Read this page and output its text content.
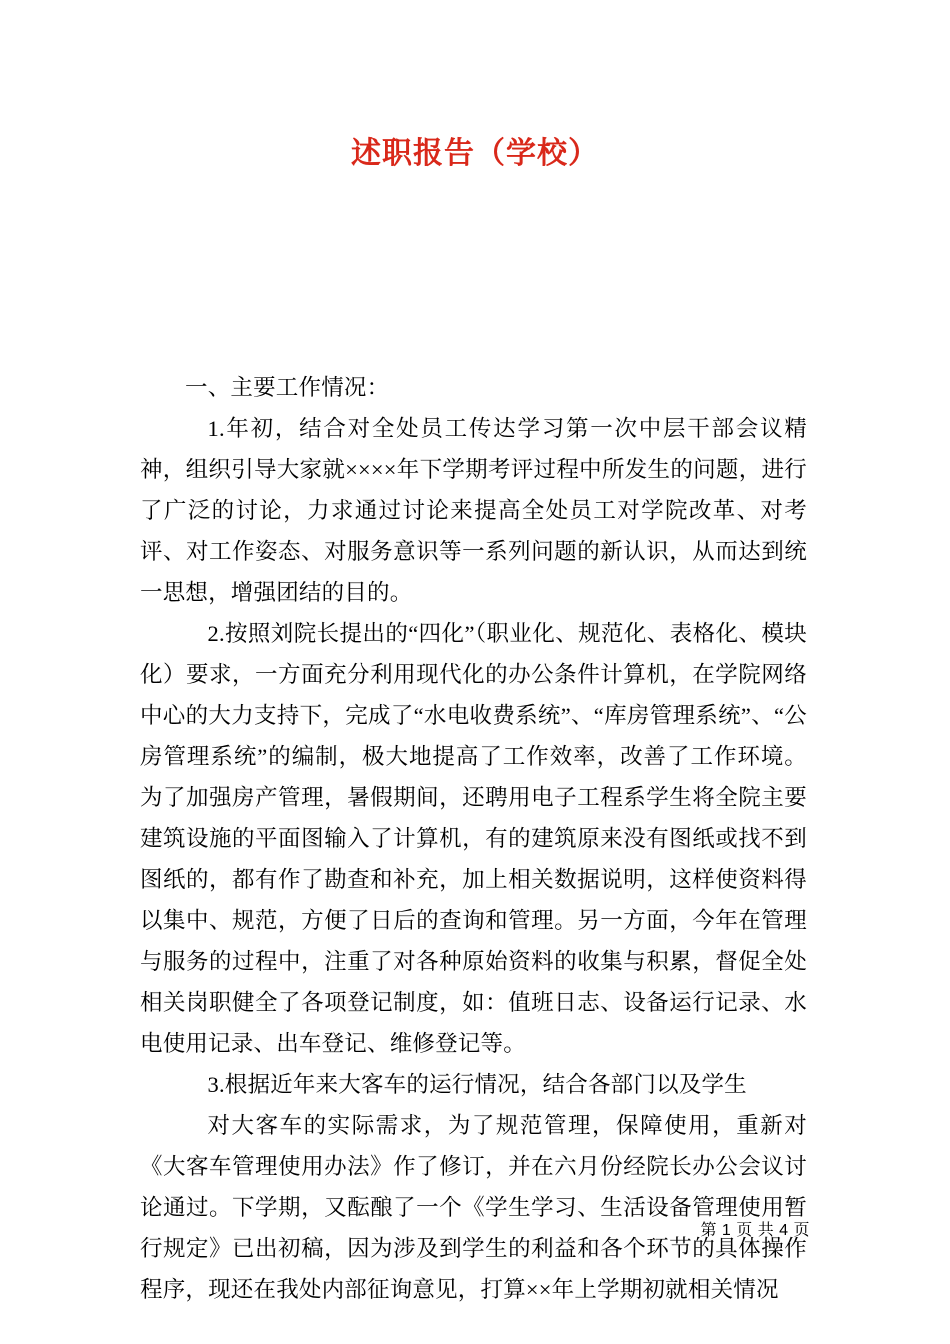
述职报告（学校）

一、主要工作情况：

1.年初，结合对全处员工传达学习第一次中层干部会议精神，组织引导大家就××××年下学期考评过程中所发生的问题，进行了广泛的讨论，力求通过讨论来提高全处员工对学院改革、对考评、对工作姿态、对服务意识等一系列问题的新认识，从而达到统一思想，增强团结的目的。

2.按照刘院长提出的“四化”（职业化、规范化、表格化、模块化）要求，一方面充分利用现代化的办公条件计算机，在学院网络中心的大力支持下，完成了“水电收费系统”、“库房管理系统”、“公房管理系统”的编制，极大地提高了工作效率，改善了工作环境。为了加强房产管理，暑假期间，还聘用电子工程系学生将全院主要建筑设施的平面图输入了计算机，有的建筑原来没有图纸或找不到图纸的，都有作了勘查和补充，加上相关数据说明，这样使资料得以集中、规范，方便了日后的查询和管理。另一方面，今年在管理与服务的过程中，注重了对各种原始资料的收集与积累，督促全处相关岗职健全了各项登记制度，如：值班日志、设备运行记录、水电使用记录、出车登记、维修登记等。

3.根据近年来大客车的运行情况，结合各部门以及学生

对大客车的实际需求，为了规范管理，保障使用，重新对《大客车管理使用办法》作了修订，并在六月份经院长办公会议讨论通过。下学期，又酝酿了一个《学生学习、生活设备管理使用暂行规定》已出初稿，因为涉及到学生的利益和各个环节的具体操作程序，现还在我处内部征询意见，打算××年上学期初就相关情况

第 1 页 共 4 页
